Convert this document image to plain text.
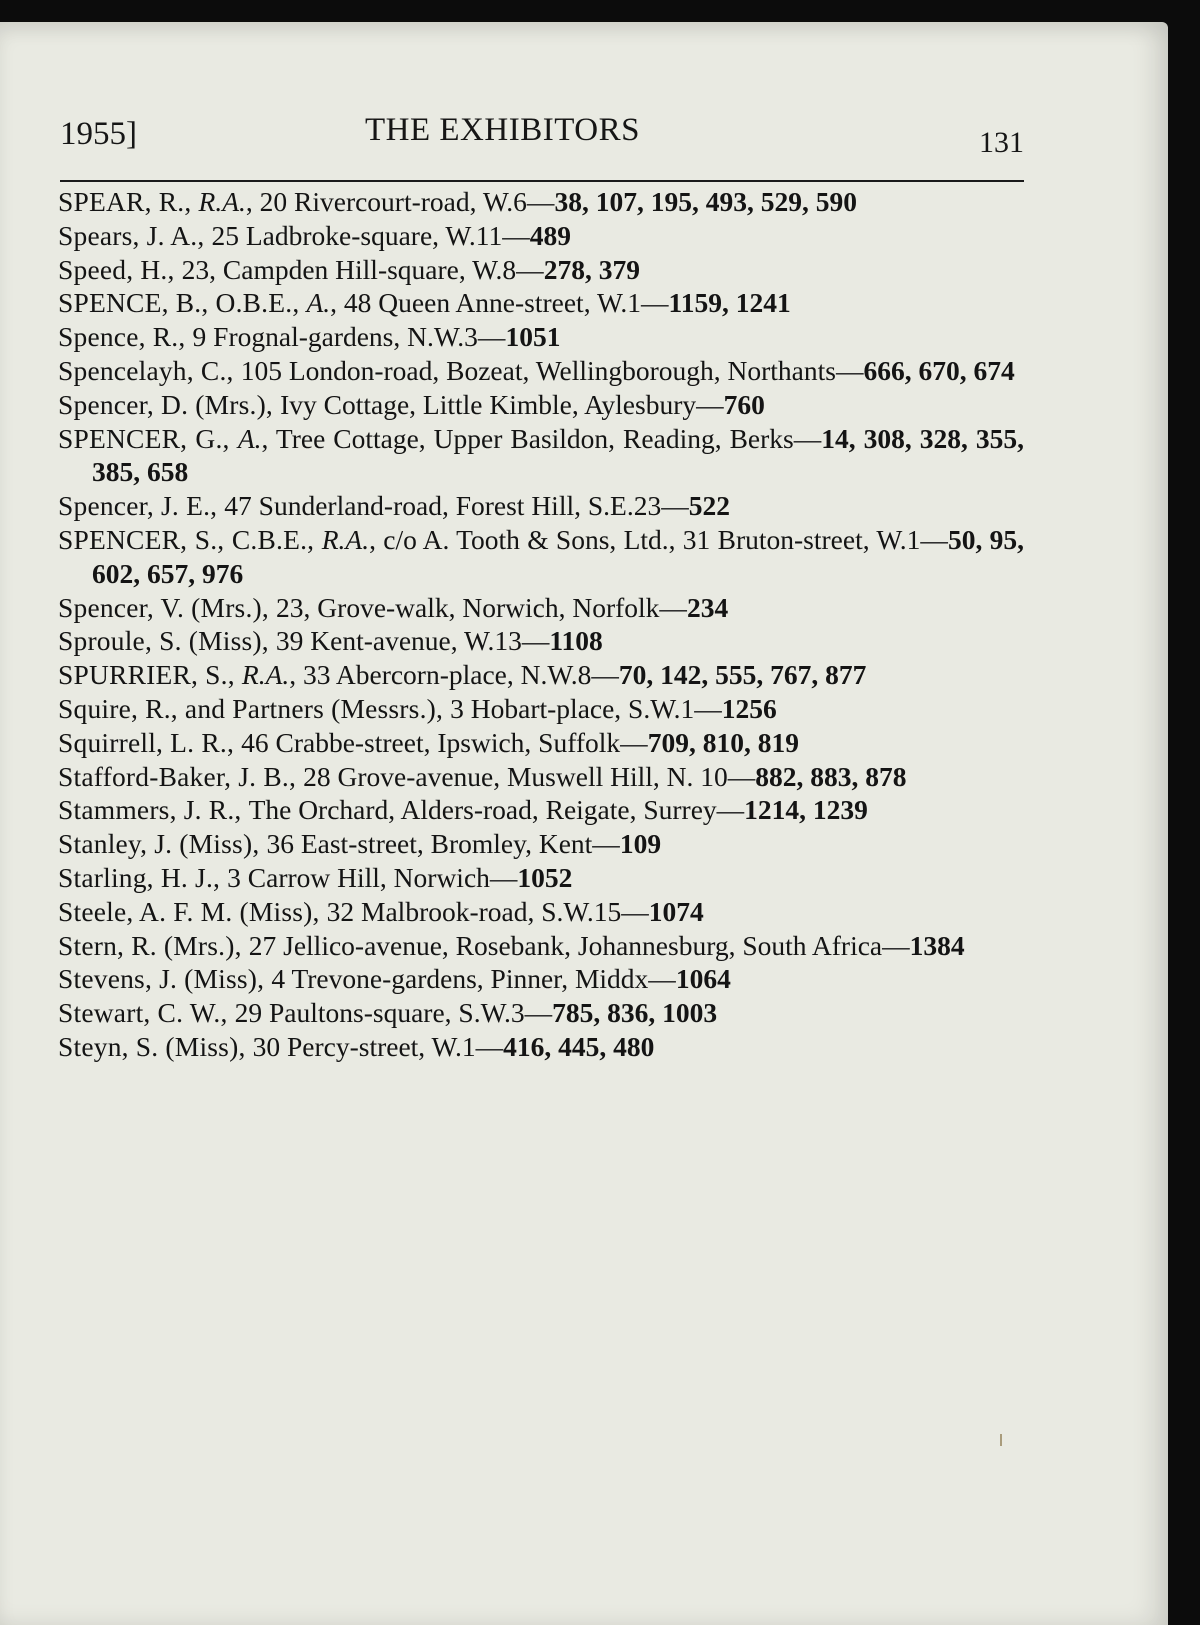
1955]	THE EXHIBITORS	131
SPEAR, R., R.A., 20 Rivercourt-road, W.6—38, 107, 195, 493, 529, 590
Spears, J. A., 25 Ladbroke-square, W.11—489
Speed, H., 23, Campden Hill-square, W.8—278, 379
SPENCE, B., O.B.E., A., 48 Queen Anne-street, W.1—1159, 1241
Spence, R., 9 Frognal-gardens, N.W.3—1051
Spencelayh, C., 105 London-road, Bozeat, Wellingborough, Northants—666, 670, 674
Spencer, D. (Mrs.), Ivy Cottage, Little Kimble, Aylesbury—760
SPENCER, G., A., Tree Cottage, Upper Basildon, Reading, Berks—14, 308, 328, 355, 385, 658
Spencer, J. E., 47 Sunderland-road, Forest Hill, S.E.23—522
SPENCER, S., C.B.E., R.A., c/o A. Tooth & Sons, Ltd., 31 Bruton-street, W.1—50, 95, 602, 657, 976
Spencer, V. (Mrs.), 23, Grove-walk, Norwich, Norfolk—234
Sproule, S. (Miss), 39 Kent-avenue, W.13—1108
SPURRIER, S., R.A., 33 Abercorn-place, N.W.8—70, 142, 555, 767, 877
Squire, R., and Partners (Messrs.), 3 Hobart-place, S.W.1—1256
Squirrell, L. R., 46 Crabbe-street, Ipswich, Suffolk—709, 810, 819
Stafford-Baker, J. B., 28 Grove-avenue, Muswell Hill, N. 10—882, 883, 878
Stammers, J. R., The Orchard, Alders-road, Reigate, Surrey—1214, 1239
Stanley, J. (Miss), 36 East-street, Bromley, Kent—109
Starling, H. J., 3 Carrow Hill, Norwich—1052
Steele, A. F. M. (Miss), 32 Malbrook-road, S.W.15—1074
Stern, R. (Mrs.), 27 Jellico-avenue, Rosebank, Johannesburg, South Africa—1384
Stevens, J. (Miss), 4 Trevone-gardens, Pinner, Middx—1064
Stewart, C. W., 29 Paultons-square, S.W.3—785, 836, 1003
Steyn, S. (Miss), 30 Percy-street, W.1—416, 445, 480
